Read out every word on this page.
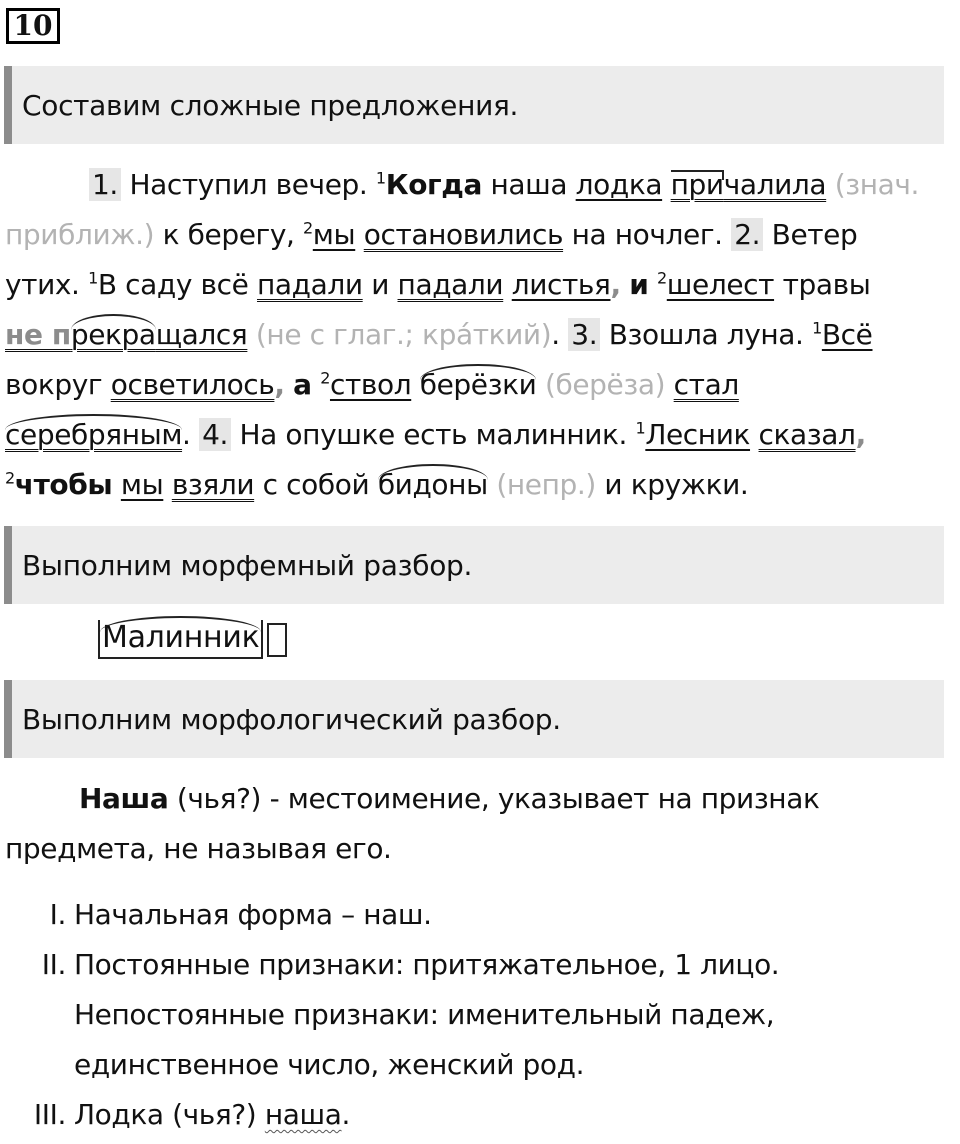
10
Составим сложные предложения.

1. Наступил вечер. $^1$Когда наша лодка причалила (знач.

приближ.) к берегу, $^2$мы остановились на ночлег. 2. Ветер

утих. $^1$В саду всё падали и падали листья, и $^2$шелест травы

не прекращался (не с глаг.; кра́ткий). 3. Взошла луна. $^1$Всё

вокруг осветилось, а $^2$ствол берёзки (берёза) стал

серебряным. 4. На опушке есть малинник. $^1$Лесник сказал,

$^2$чтобы мы взяли с собой бидоны (непр.) и кружки.

Выполним морфемный разбор.
Малинник
Выполним морфологический разбор.

Наша (чья?) - местоимение, указывает на признак

предмета, не называя его.

I. Начальная форма – наш.
II. Постоянные признаки: притяжательное, 1 лицо.
Непостоянные признаки: именительный падеж,
единственное число, женский род.
III. Лодка (чья?) наша.
